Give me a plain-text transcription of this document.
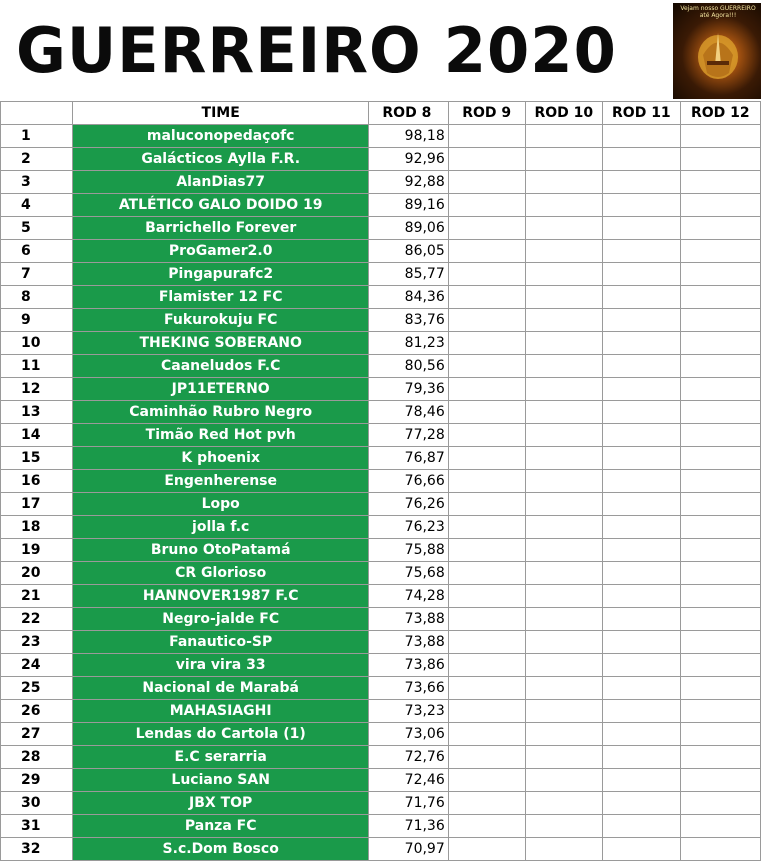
GUERREIRO 2020
Vejam nosso GUERREIRO até Agora!!!
	TIME	ROD 8	ROD 9	ROD 10	ROD 11	ROD 12
1	maluconopedaçofc	98,18				
2	Galácticos Aylla F.R.	92,96				
3	AlanDias77	92,88				
4	ATLÉTICO GALO DOIDO 19	89,16				
5	Barrichello Forever	89,06				
6	ProGamer2.0	86,05				
7	Pingapurafc2	85,77				
8	Flamister 12 FC	84,36				
9	Fukurokuju FC	83,76				
10	THEKING SOBERANO	81,23				
11	Caaneludos F.C	80,56				
12	JP11ETERNO	79,36				
13	Caminhão Rubro Negro	78,46				
14	Timão Red Hot pvh	77,28				
15	K phoenix	76,87				
16	Engenherense	76,66				
17	Lopo	76,26				
18	jolla f.c	76,23				
19	Bruno OtoPatamá	75,88				
20	CR Glorioso	75,68				
21	HANNOVER1987 F.C	74,28				
22	Negro-jalde FC	73,88				
23	Fanautico-SP	73,88				
24	vira vira 33	73,86				
25	Nacional de Marabá	73,66				
26	MAHASIAGHI	73,23				
27	Lendas do Cartola (1)	73,06				
28	E.C serarria	72,76				
29	Luciano SAN	72,46				
30	JBX TOP	71,76				
31	Panza FC	71,36				
32	S.c.Dom Bosco	70,97				
